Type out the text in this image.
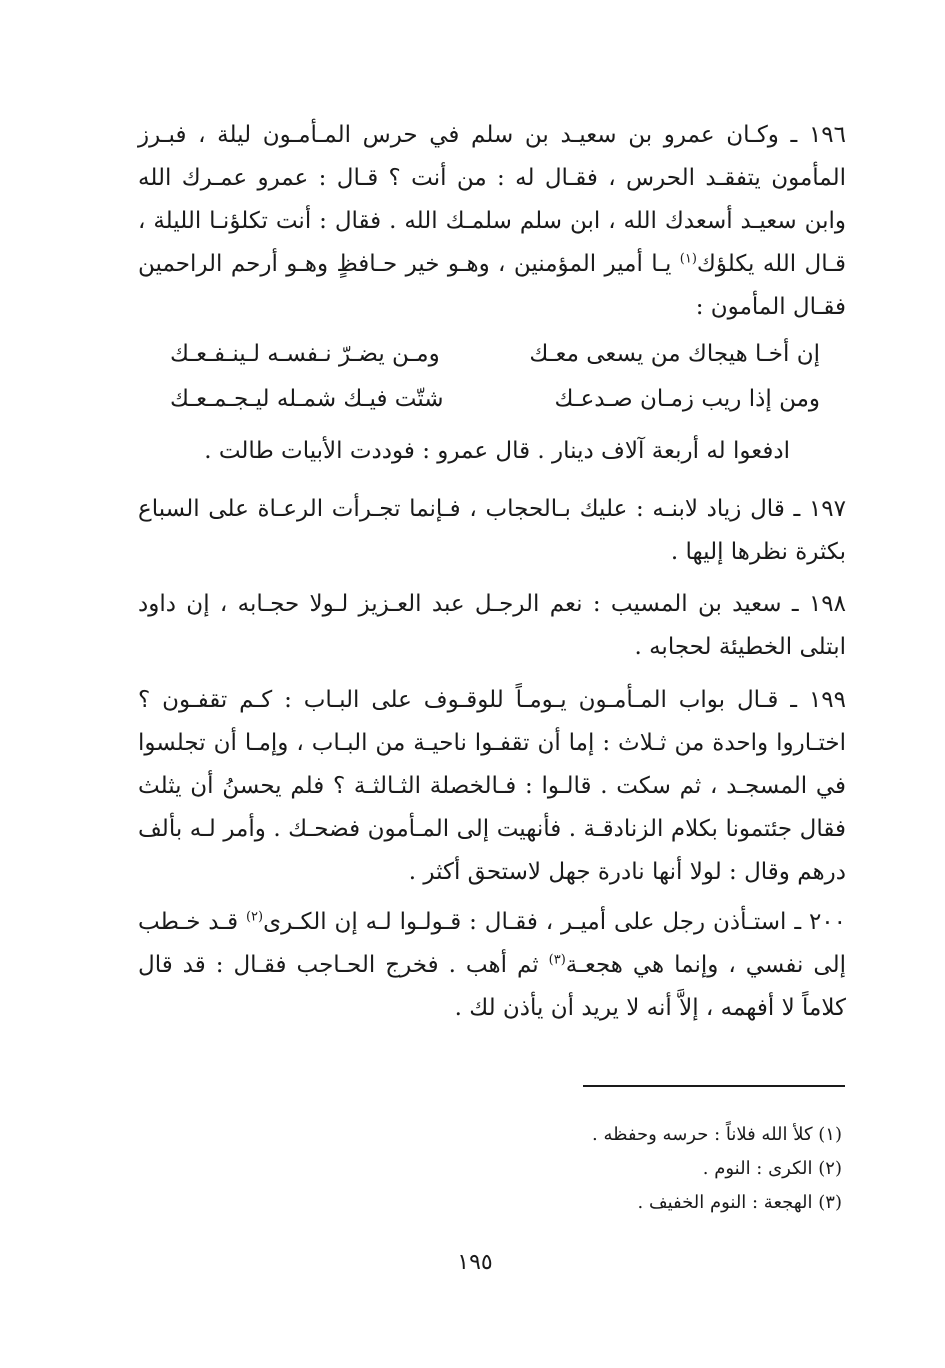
١٩٦ ـ وكـان عمرو بن سعيـد بن سلم في حرس المـأمـون ليلة ، فبـرز المأمون يتفقـد الحرس ، فقـال له : من أنت ؟ قـال : عمرو عمـرك الله وابن سعيـد أسعدك الله ، ابن سلم سلمـك الله . فقال : أنت تكلؤنـا الليلة ، قـال الله يكلؤك$^{(١)}$ يـا أمير المؤمنين ، وهـو خير حـافظٍ وهـو أرحم الراحمين فقـال المأمون :

إن أخـا هيجاك من يسعى معـك
ومـن يضـرّ نـفسـه لـينـفـعـك
ومن إذا ريب زمـان صـدعـك
شتّت فيـك شمـله ليـجـمـعـك

ادفعوا له أربعة آلاف دينار . قال عمرو : فوددت الأبيات طالت .

١٩٧ ـ قال زياد لابنـه : عليك بـالحجاب ، فـإنما تجـرأت الرعـاة على السباع بكثرة نظرها إليها .

١٩٨ ـ سعيد بن المسيب : نعم الرجـل عبد العـزيز لـولا حجـابه ، إن داود ابتلى الخطيئة لحجابه .

١٩٩ ـ قـال بواب المـأمـون يـومـاً للوقـوف على البـاب : كـم تقفـون ؟ اختـاروا واحدة من ثـلاث : إما أن تقفـوا ناحيـة من البـاب ، وإمـا أن تجلسوا في المسجـد ، ثم سكت . قالـوا : فـالخصلة الثـالثـة ؟ فلم يحسنُ أن يثلث فقال جئتمونا بكلام الزنادقـة . فأنهيت إلى المـأمون فضحـك . وأمر لـه بألف درهم وقال : لولا أنها نادرة جهل لاستحق أكثر .

٢٠٠ ـ استـأذن رجل على أميـر ، فقـال : قـولـوا لـه إن الكـرى$^{(٢)}$ قـد خـطب إلى نفسي ، وإنما هي هجعـة$^{(٣)}$ ثم أهب . فخرج الحـاجب فقـال : قد قال كلاماً لا أفهمه ، إلاَّ أنه لا يريد أن يأذن لك .

(١) كلأ الله فلاناً : حرسه وحفظه .
(٢) الكرى : النوم .
(٣) الهجعة : النوم الخفيف .
١٩٥
